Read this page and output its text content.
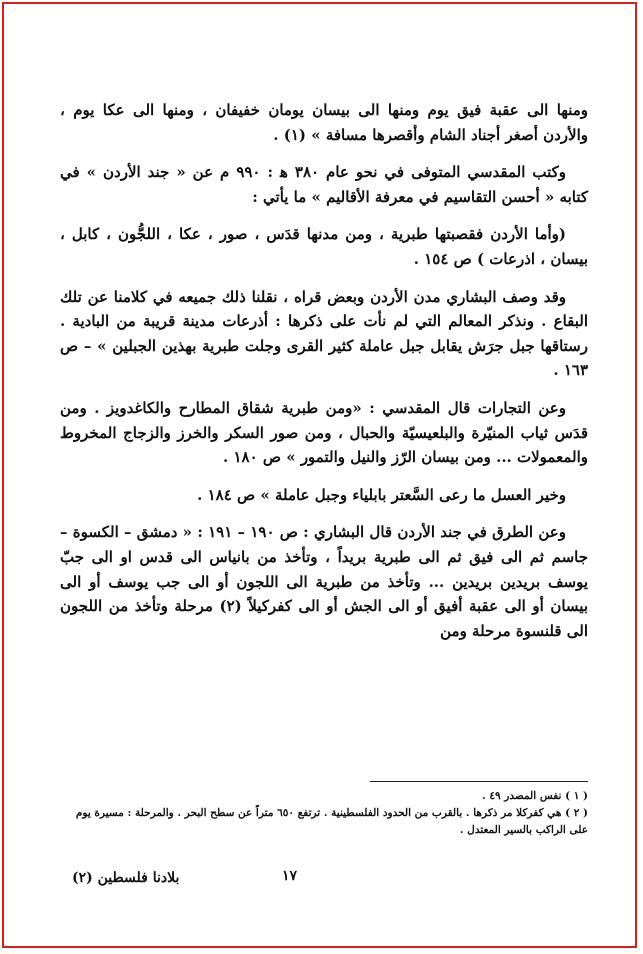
ومنها الى عقبة فيق يوم ومنها الى بيسان يومان خفيفان ، ومنها الى عكا يوم ، والأردن أصغر أجناد الشام وأقصرها مسافة » (١) .

وكتب المقدسي المتوفى في نحو عام ٣٨٠ ﻫ : ٩٩٠ م عن « جند الأردن » في كتابه « أحسن التقاسيم في معرفة الأقاليم » ما يأتي :

(وأما الأردن فقصبتها طبرية ، ومن مدنها قدَس ، صور ، عكا ، اللجُّون ، كابل ، بيسان ، اذرعات ) ص ١٥٤ .

وقد وصف البشاري مدن الأردن وبعض قراه ، نقلنا ذلك جميعه في كلامنا عن تلك البقاع . ونذكر المعالم التي لم نأت على ذكرها : أذرعات مدينة قريبة من البادية . رستاقها جبل جرَش يقابل جبل عاملة كثير القرى وجلت طبرية بهذين الجبلين » – ص ١٦٣ .

وعن التجارات قال المقدسي : «ومن طبرية شقاق المطارح والكاغدويز . ومن قدَس ثياب المنيّرة والبلعيسيّة والحبال ، ومن صور السكر والخرز والزجاج المخروط والمعمولات ... ومن بيسان الرّز والنيل والتمور » ص ١٨٠ .

وخير العسل ما رعى السَّعتر بابلياء وجبل عاملة » ص ١٨٤ .

وعن الطرق في جند الأردن قال البشاري : ص ١٩٠ – ١٩١ : « دمشق – الكسوة – جاسم ثم الى فيق ثم الى طبرية بريداً ، وتأخذ من بانياس الى قدس او الى جبّ يوسف بريدين بريدين ... وتأخذ من طبرية الى اللجون أو الى جب يوسف أو الى بيسان أو الى عقبة أفيق أو الى الجش أو الى كفركيلاً (٢) مرحلة وتأخذ من اللجون الى قلنسوة مرحلة ومن

( ١ ) نفس المصدر ٤٩ .
( ٢ ) هي كفركلا مر ذكرها . بالقرب من الحدود الفلسطينية . ترتفع ٦٥٠ متراً عن سطح البحر . والمرحلة : مسيرة يوم على الراكب بالسير المعتدل .
١٧
بلادنا فلسطين (٢)
